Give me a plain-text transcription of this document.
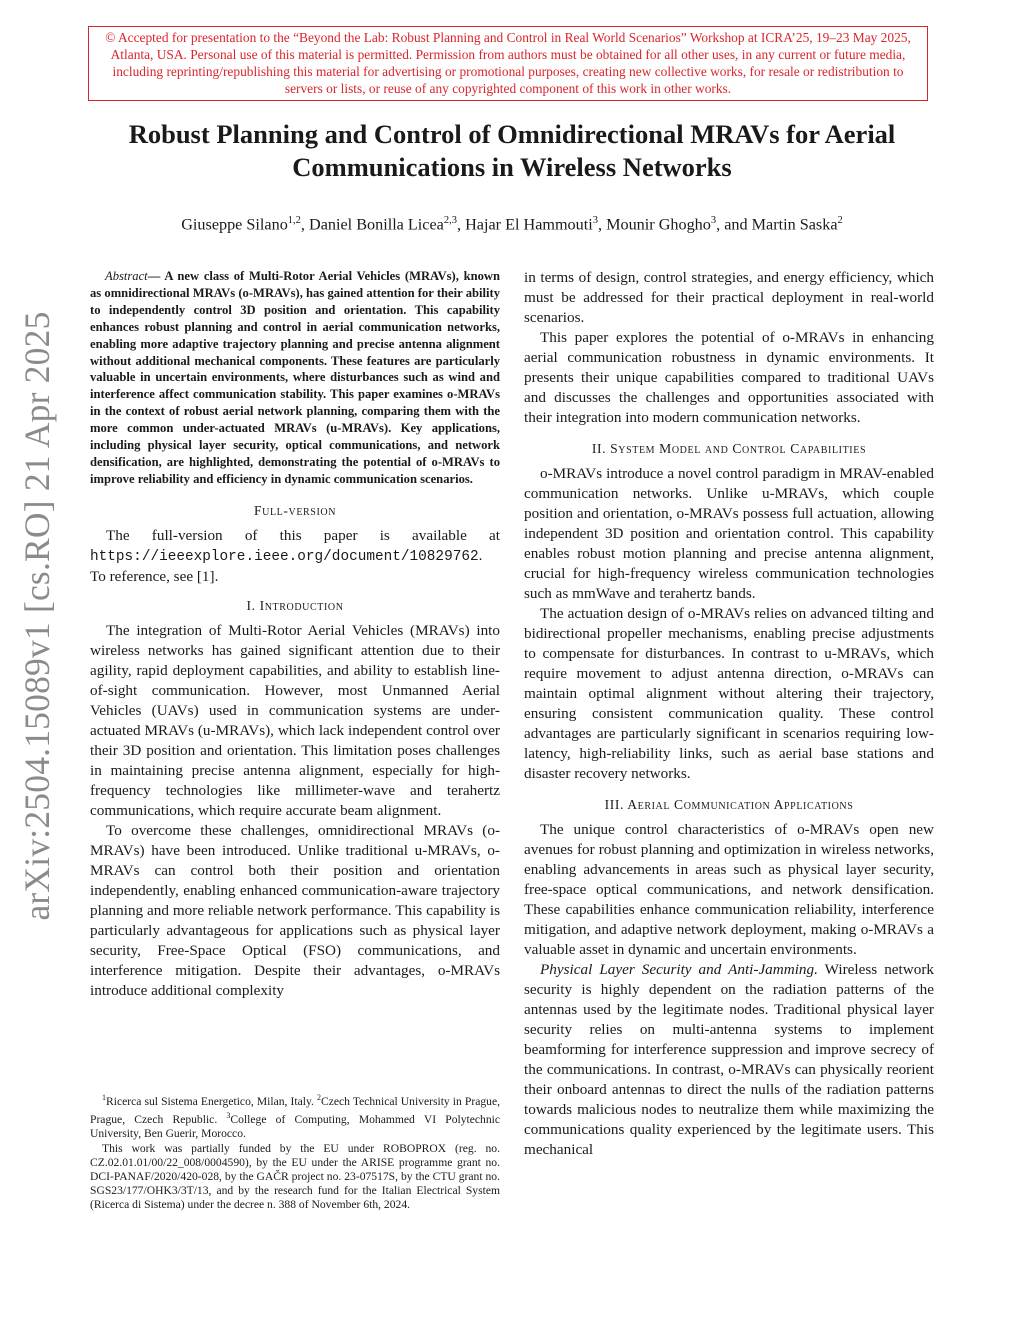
© Accepted for presentation to the “Beyond the Lab: Robust Planning and Control in Real World Scenarios” Workshop at ICRA’25, 19–23 May 2025, Atlanta, USA. Personal use of this material is permitted. Permission from authors must be obtained for all other uses, in any current or future media, including reprinting/republishing this material for advertising or promotional purposes, creating new collective works, for resale or redistribution to servers or lists, or reuse of any copyrighted component of this work in other works.
arXiv:2504.15089v1 [cs.RO] 21 Apr 2025
Robust Planning and Control of Omnidirectional MRAVs for Aerial Communications in Wireless Networks
Giuseppe Silano$^{1,2}$, Daniel Bonilla Licea$^{2,3}$, Hajar El Hammouti$^3$, Mounir Ghogho$^3$, and Martin Saska$^2$

Abstract— A new class of Multi-Rotor Aerial Vehicles (MRAVs), known as omnidirectional MRAVs (o-MRAVs), has gained attention for their ability to independently control 3D position and orientation. This capability enhances robust planning and control in aerial communication networks, enabling more adaptive trajectory planning and precise antenna alignment without additional mechanical components. These features are particularly valuable in uncertain environments, where disturbances such as wind and interference affect communication stability. This paper examines o-MRAVs in the context of robust aerial network planning, comparing them with the more common under-actuated MRAVs (u-MRAVs). Key applications, including physical layer security, optical communications, and network densification, are highlighted, demonstrating the potential of o-MRAVs to improve reliability and efficiency in dynamic communication scenarios.

Full-version

The full-version of this paper is available at https://ieeexplore.ieee.org/document/10829762. To reference, see [1].

I. Introduction

The integration of Multi-Rotor Aerial Vehicles (MRAVs) into wireless networks has gained significant attention due to their agility, rapid deployment capabilities, and ability to establish line-of-sight communication. However, most Unmanned Aerial Vehicles (UAVs) used in communication systems are under-actuated MRAVs (u-MRAVs), which lack independent control over their 3D position and orientation. This limitation poses challenges in maintaining precise antenna alignment, especially for high-frequency technologies like millimeter-wave and terahertz communications, which require accurate beam alignment.

To overcome these challenges, omnidirectional MRAVs (o-MRAVs) have been introduced. Unlike traditional u-MRAVs, o-MRAVs can control both their position and orientation independently, enabling enhanced communication-aware trajectory planning and more reliable network performance. This capability is particularly advantageous for applications such as physical layer security, Free-Space Optical (FSO) communications, and interference mitigation. Despite their advantages, o-MRAVs introduce additional complexity

$^1$Ricerca sul Sistema Energetico, Milan, Italy. $^2$Czech Technical University in Prague, Prague, Czech Republic. $^3$College of Computing, Mohammed VI Polytechnic University, Ben Guerir, Morocco.

This work was partially funded by the EU under ROBOPROX (reg. no. CZ.02.01.01/00/22_008/0004590), by the EU under the ARISE programme grant no. DCI-PANAF/2020/420-028, by the GAČR project no. 23-07517S, by the CTU grant no. SGS23/177/OHK3/3T/13, and by the research fund for the Italian Electrical System (Ricerca di Sistema) under the decree n. 388 of November 6th, 2024.

in terms of design, control strategies, and energy efficiency, which must be addressed for their practical deployment in real-world scenarios.

This paper explores the potential of o-MRAVs in enhancing aerial communication robustness in dynamic environments. It presents their unique capabilities compared to traditional UAVs and discusses the challenges and opportunities associated with their integration into modern communication networks.

II. System Model and Control Capabilities

o-MRAVs introduce a novel control paradigm in MRAV-enabled communication networks. Unlike u-MRAVs, which couple position and orientation, o-MRAVs possess full actuation, allowing independent 3D position and orientation control. This capability enables robust motion planning and precise antenna alignment, crucial for high-frequency wireless communication technologies such as mmWave and terahertz bands.

The actuation design of o-MRAVs relies on advanced tilting and bidirectional propeller mechanisms, enabling precise adjustments to compensate for disturbances. In contrast to u-MRAVs, which require movement to adjust antenna direction, o-MRAVs can maintain optimal alignment without altering their trajectory, ensuring consistent communication quality. These control advantages are particularly significant in scenarios requiring low-latency, high-reliability links, such as aerial base stations and disaster recovery networks.

III. Aerial Communication Applications

The unique control characteristics of o-MRAVs open new avenues for robust planning and optimization in wireless networks, enabling advancements in areas such as physical layer security, free-space optical communications, and network densification. These capabilities enhance communication reliability, interference mitigation, and adaptive network deployment, making o-MRAVs a valuable asset in dynamic and uncertain environments.

Physical Layer Security and Anti-Jamming. Wireless network security is highly dependent on the radiation patterns of the antennas used by the legitimate nodes. Traditional physical layer security relies on multi-antenna systems to implement beamforming for interference suppression and improve secrecy of the communications. In contrast, o-MRAVs can physically reorient their onboard antennas to direct the nulls of the radiation patterns towards malicious nodes to neutralize them while maximizing the communications quality experienced by the legitimate users. This mechanical
